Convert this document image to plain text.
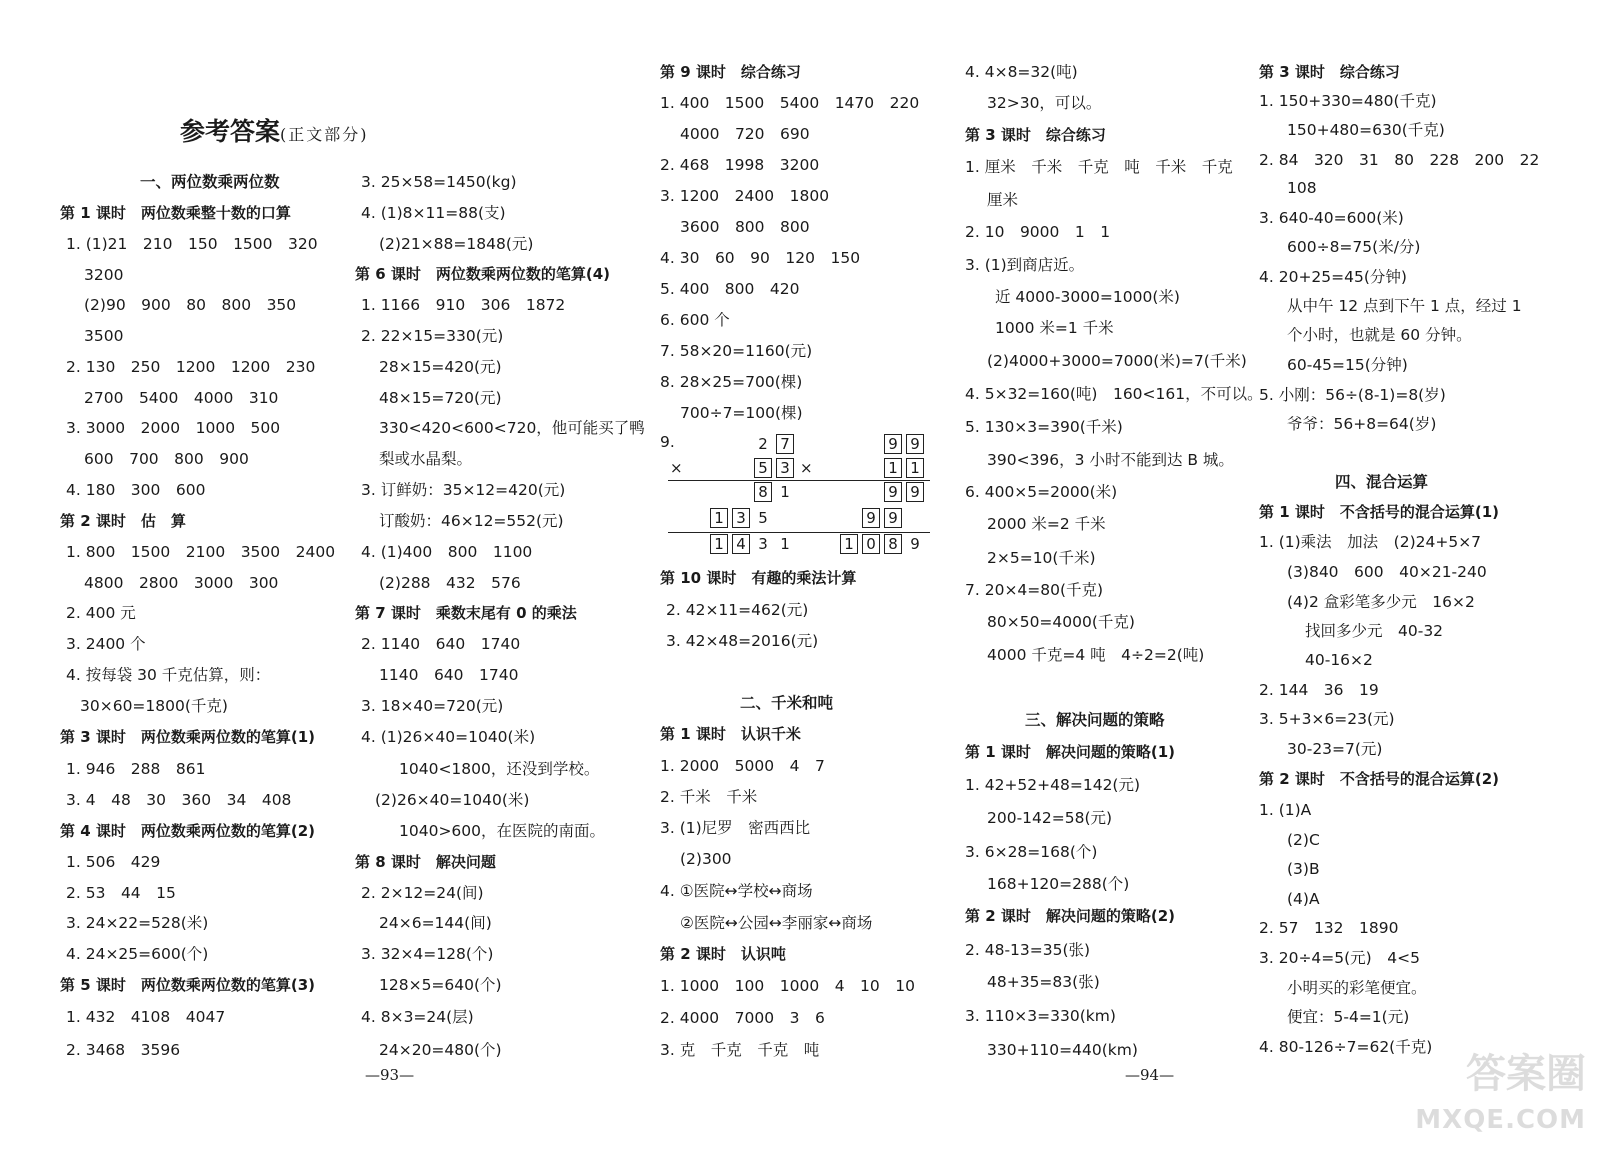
参考答案(正文部分)
一、两位数乘两位数
第 1 课时　两位数乘整十数的口算
1. (1)21　210　150　1500　320
3200
(2)90　900　80　800　350
3500
2. 130　250　1200　1200　230
2700　5400　4000　310
3. 3000　2000　1000　500
600　700　800　900
4. 180　300　600
第 2 课时　估　算
1. 800　1500　2100　3500　2400
4800　2800　3000　300
2. 400 元
3. 2400 个
4. 按每袋 30 千克估算，则：
30×60=1800(千克)
第 3 课时　两位数乘两位数的笔算(1)
1. 946　288　861
3. 4　48　30　360　34　408
第 4 课时　两位数乘两位数的笔算(2)
1. 506　429
2. 53　44　15
3. 24×22=528(米)
4. 24×25=600(个)
第 5 课时　两位数乘两位数的笔算(3)
1. 432　4108　4047
2. 3468　3596
3. 25×58=1450(kg)
4. (1)8×11=88(支)
(2)21×88=1848(元)
第 6 课时　两位数乘两位数的笔算(4)
1. 1166　910　306　1872
2. 22×15=330(元)
28×15=420(元)
48×15=720(元)
330<420<600<720，他可能买了鸭
梨或水晶梨。
3. 订鲜奶：35×12=420(元)
订酸奶：46×12=552(元)
4. (1)400　800　1100
(2)288　432　576
第 7 课时　乘数末尾有 0 的乘法
2. 1140　640　1740
1140　640　1740
3. 18×40=720(元)
4. (1)26×40=1040(米)
1040<1800，还没到学校。
(2)26×40=1040(米)
1040>600，在医院的南面。
第 8 课时　解决问题
2. 2×12=24(间)
24×6=144(间)
3. 32×4=128(个)
128×5=640(个)
4. 8×3=24(层)
24×20=480(个)
2 7
5 3
8 1
1 3 5
1 4 3 1
×
9 9
1 1
9 9
9 9
1 0 8 9
×
第 9 课时　综合练习
1. 400　1500　5400　1470　220
4000　720　690
2. 468　1998　3200
3. 1200　2400　1800
3600　800　800
4. 30　60　90　120　150
5. 400　800　420
6. 600 个
7. 58×20=1160(元)
8. 28×25=700(棵)
700÷7=100(棵)
9.
第 10 课时　有趣的乘法计算
2. 42×11=462(元)
3. 42×48=2016(元)
二、千米和吨
第 1 课时　认识千米
1. 2000　5000　4　7
2. 千米　千米
3. (1)尼罗　密西西比
(2)300
4. ①医院↔学校↔商场
②医院↔公园↔李丽家↔商场
第 2 课时　认识吨
1. 1000　100　1000　4　10　10
2. 4000　7000　3　6
3. 克　千克　千克　吨
4. 4×8=32(吨)
32>30，可以。
第 3 课时　综合练习
1. 厘米　千米　千克　吨　千米　千克
厘米
2. 10　9000　1　1
3. (1)到商店近。
近 4000-3000=1000(米)
1000 米=1 千米
(2)4000+3000=7000(米)=7(千米)
4. 5×32=160(吨)　160<161，不可以。
5. 130×3=390(千米)
390<396，3 小时不能到达 B 城。
6. 400×5=2000(米)
2000 米=2 千米
2×5=10(千米)
7. 20×4=80(千克)
80×50=4000(千克)
4000 千克=4 吨　4÷2=2(吨)
三、解决问题的策略
第 1 课时　解决问题的策略(1)
1. 42+52+48=142(元)
200-142=58(元)
3. 6×28=168(个)
168+120=288(个)
第 2 课时　解决问题的策略(2)
2. 48-13=35(张)
48+35=83(张)
3. 110×3=330(km)
330+110=440(km)
第 3 课时　综合练习
1. 150+330=480(千克)
150+480=630(千克)
2. 84　320　31　80　228　200　22
108
3. 640-40=600(米)
600÷8=75(米/分)
4. 20+25=45(分钟)
从中午 12 点到下午 1 点，经过 1
个小时，也就是 60 分钟。
60-45=15(分钟)
5. 小刚：56÷(8-1)=8(岁)
爷爷：56+8=64(岁)
四、混合运算
第 1 课时　不含括号的混合运算(1)
1. (1)乘法　加法　(2)24+5×7
(3)840　600　40×21-240
(4)2 盒彩笔多少元　16×2
找回多少元　40-32
40-16×2
2. 144　36　19
3. 5+3×6=23(元)
30-23=7(元)
第 2 课时　不含括号的混合运算(2)
1. (1)A
(2)C
(3)B
(4)A
2. 57　132　1890
3. 20÷4=5(元)　4<5
小明买的彩笔便宜。
便宜：5-4=1(元)
4. 80-126÷7=62(千克)
—93—	—94—	答案圈
MXQE.COM
